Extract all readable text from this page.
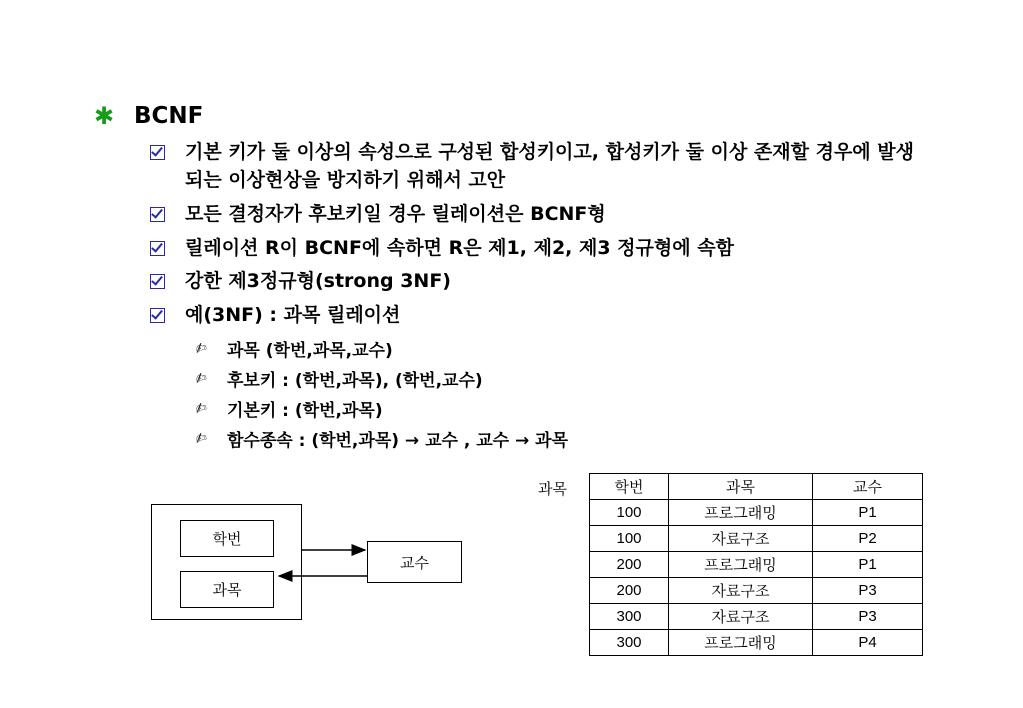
✱ BCNF
기본 키가 둘 이상의 속성으로 구성된 합성키이고, 합성키가 둘 이상 존재할 경우에 발생되는 이상현상을 방지하기 위해서 고안
모든 결정자가 후보키일 경우 릴레이션은 BCNF형
릴레이션 R이 BCNF에 속하면 R은 제1, 제2, 제3 정규형에 속함
강한 제3정규형(strong 3NF)
예(3NF) : 과목 릴레이션
✍ 과목 (학번,과목,교수)
✍ 후보키 : (학번,과목), (학번,교수)
✍ 기본키 : (학번,과목)
✍ 함수종속 : (학번,과목) → 교수 , 교수 → 과목
학번
과목
교수
과목	학번	과목	교수
100	프로그래밍	P1
100	자료구조	P2
200	프로그래밍	P1
200	자료구조	P3
300	자료구조	P3
300	프로그래밍	P4
